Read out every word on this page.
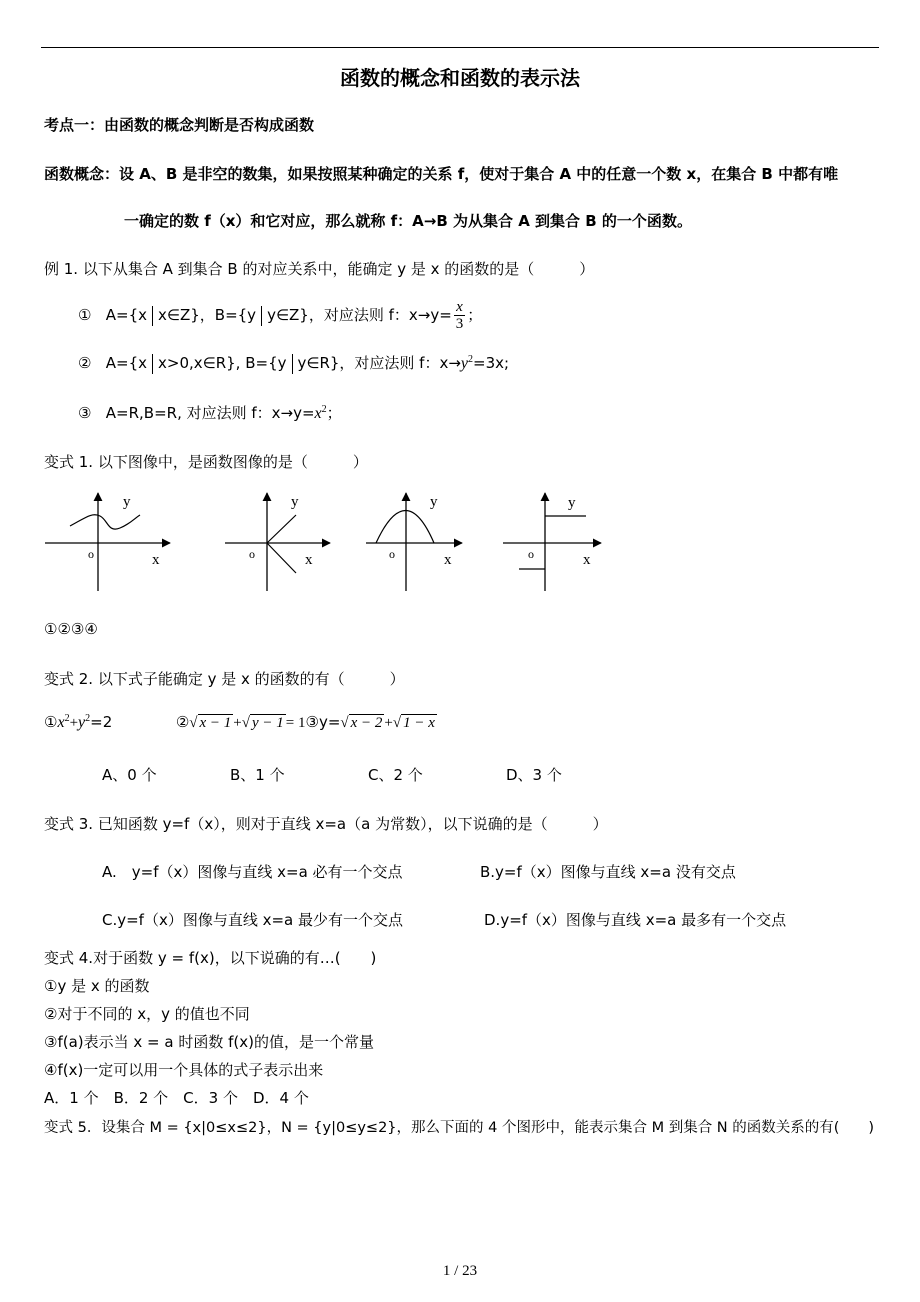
函数的概念和函数的表示法
考点一：由函数的概念判断是否构成函数
函数概念：设 A、B 是非空的数集，如果按照某种确定的关系 f，使对于集合 A 中的任意一个数 x，在集合 B 中都有唯
一确定的数 f（x）和它对应，那么就称 f：A→B 为从集合 A 到集合 B 的一个函数。
例 1. 以下从集合 A 到集合 B 的对应关系中，能确定 y 是 x 的函数的是（　　　）
① A={x x∈Z}，B={y y∈Z}，对应法则 f：$x\to y= \frac{x}{3}$ ；
② A={x x>0,x∈R}, B={y y∈R}，对应法则 f：$x\to y^2=3x$;
③ A=R,B=R, 对应法则 f：$x\to y=x^2$；
变式 1. 以下图像中，是函数图像的是（　　　）
y
x
o
y
x
o
y
x
o
y
x
o
①②③④
变式 2. 以下式子能确定 y 是 x 的函数的有（　　　）
$①x^2+y^2=2$	②√ x − 1 +√ y − 1 = 1③y=√ x − 2 +√ 1 − x
A、0 个	B、1 个	C、2 个	D、3 个
变式 3. 已知函数 y=f（x），则对于直线 x=a（a 为常数），以下说确的是（　　　）
A.　y=f（x）图像与直线 x=a 必有一个交点	B.y=f（x）图像与直线 x=a 没有交点
C.y=f（x）图像与直线 x=a 最少有一个交点	D.y=f（x）图像与直线 x=a 最多有一个交点
变式 4.对于函数 y = f(x)，以下说确的有…(　　)
①y 是 x 的函数
②对于不同的 x，y 的值也不同
③f(a)表示当 x = a 时函数 f(x)的值，是一个常量
④f(x)一定可以用一个具体的式子表示出来
A．1 个　B．2 个　C．3 个　D．4 个
变式 5．设集合 M = {x|0≤x≤2}，N = {y|0≤y≤2}，那么下面的 4 个图形中，能表示集合 M 到集合 N 的函数关系的有(　　)
1 / 23
